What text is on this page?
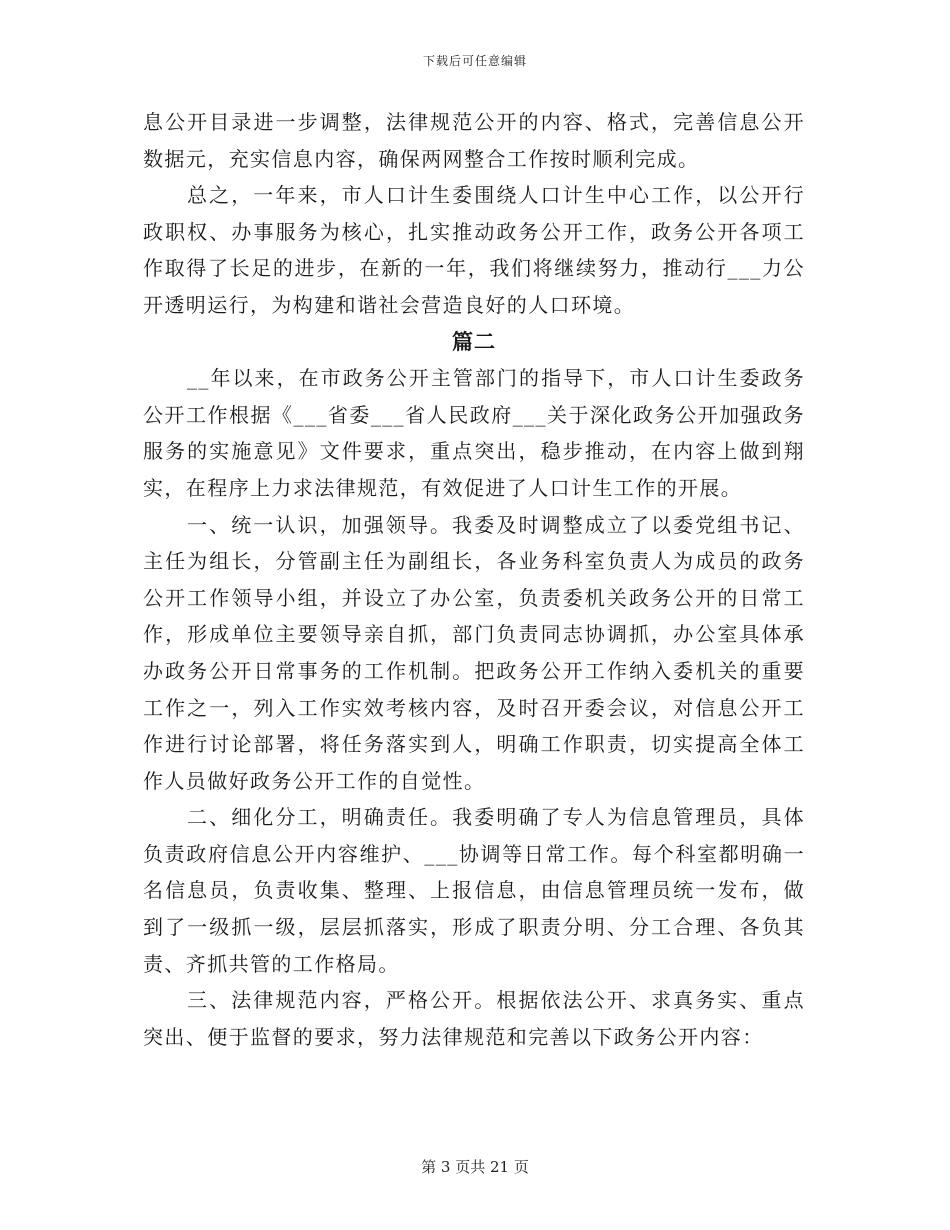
下载后可任意编辑

息公开目录进一步调整，法律规范公开的内容、格式，完善信息公开数据元，充实信息内容，确保两网整合工作按时顺利完成。

总之，一年来，市人口计生委围绕人口计生中心工作，以公开行政职权、办事服务为核心，扎实推动政务公开工作，政务公开各项工作取得了长足的进步，在新的一年，我们将继续努力，推动行___力公开透明运行，为构建和谐社会营造良好的人口环境。

篇二

__年以来，在市政务公开主管部门的指导下，市人口计生委政务公开工作根据《___省委___省人民政府___关于深化政务公开加强政务服务的实施意见》文件要求，重点突出，稳步推动，在内容上做到翔实，在程序上力求法律规范，有效促进了人口计生工作的开展。

一、统一认识，加强领导。我委及时调整成立了以委党组书记、主任为组长，分管副主任为副组长，各业务科室负责人为成员的政务公开工作领导小组，并设立了办公室，负责委机关政务公开的日常工作，形成单位主要领导亲自抓，部门负责同志协调抓，办公室具体承办政务公开日常事务的工作机制。把政务公开工作纳入委机关的重要工作之一，列入工作实效考核内容，及时召开委会议，对信息公开工作进行讨论部署，将任务落实到人，明确工作职责，切实提高全体工作人员做好政务公开工作的自觉性。

二、细化分工，明确责任。我委明确了专人为信息管理员，具体负责政府信息公开内容维护、___协调等日常工作。每个科室都明确一名信息员，负责收集、整理、上报信息，由信息管理员统一发布，做到了一级抓一级，层层抓落实，形成了职责分明、分工合理、各负其责、齐抓共管的工作格局。

三、法律规范内容，严格公开。根据依法公开、求真务实、重点突出、便于监督的要求，努力法律规范和完善以下政务公开内容：

第 3 页共 21 页
